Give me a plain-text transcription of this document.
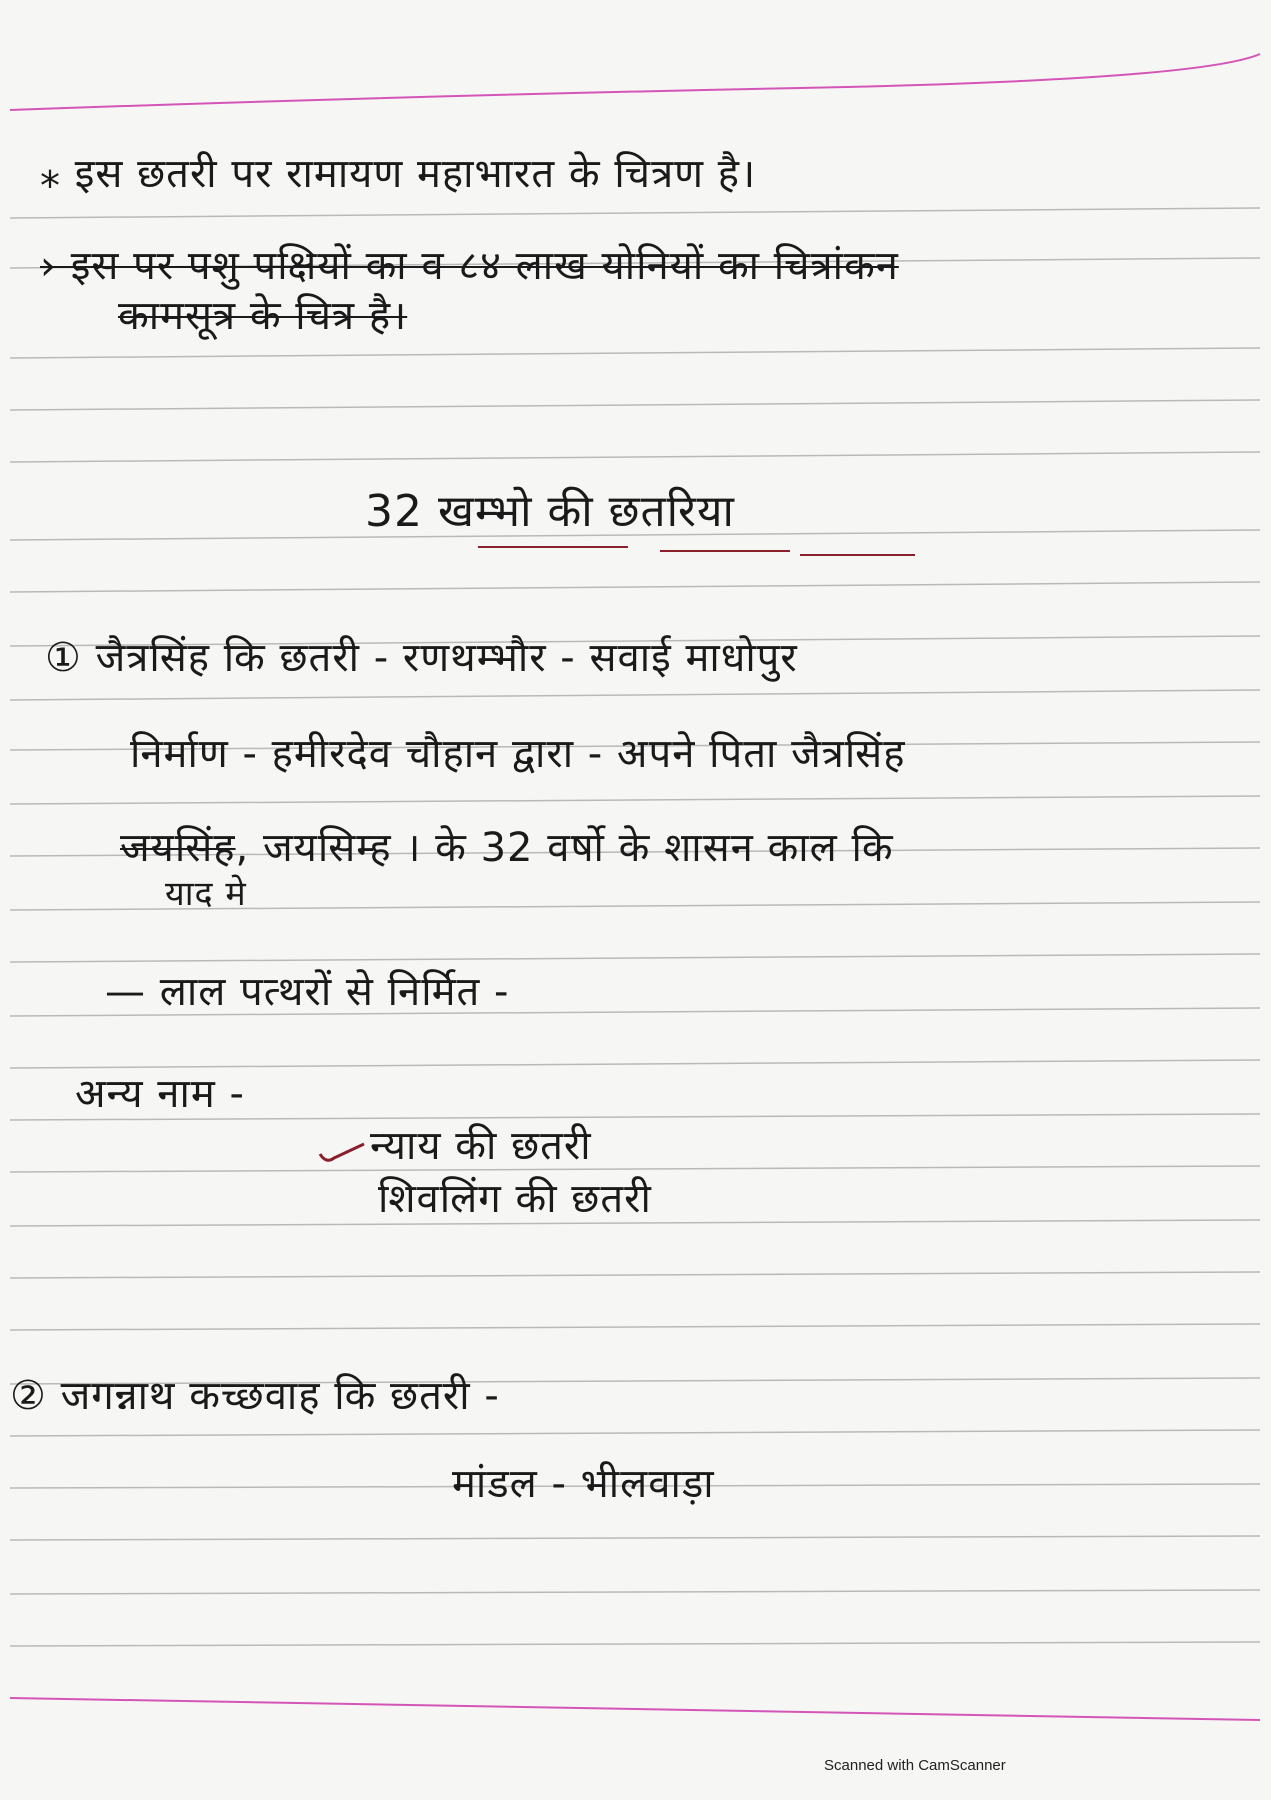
⁎ इस छतरी पर रामायण महाभारत के चित्रण है।
› इस पर पशु पक्षियों का व ८४ लाख योनियों का चित्रांकन
कामसूत्र के चित्र है।
32 खम्भो की छतरिया
① जैत्रसिंह कि छतरी - रणथम्भौर - सवाई माधोपुर
निर्माण - हमीरदेव चौहान द्वारा - अपने पिता जैत्रसिंह
जयसिंह, जयसिम्ह । के 32 वर्षो के शासन काल कि
याद मे
— लाल पत्थरों से निर्मित -
अन्य नाम -
न्याय की छतरी
शिवलिंग की छतरी
② जगन्नाथ कच्छवाह कि छतरी -
मांडल - भीलवाड़ा
Scanned with CamScanner
